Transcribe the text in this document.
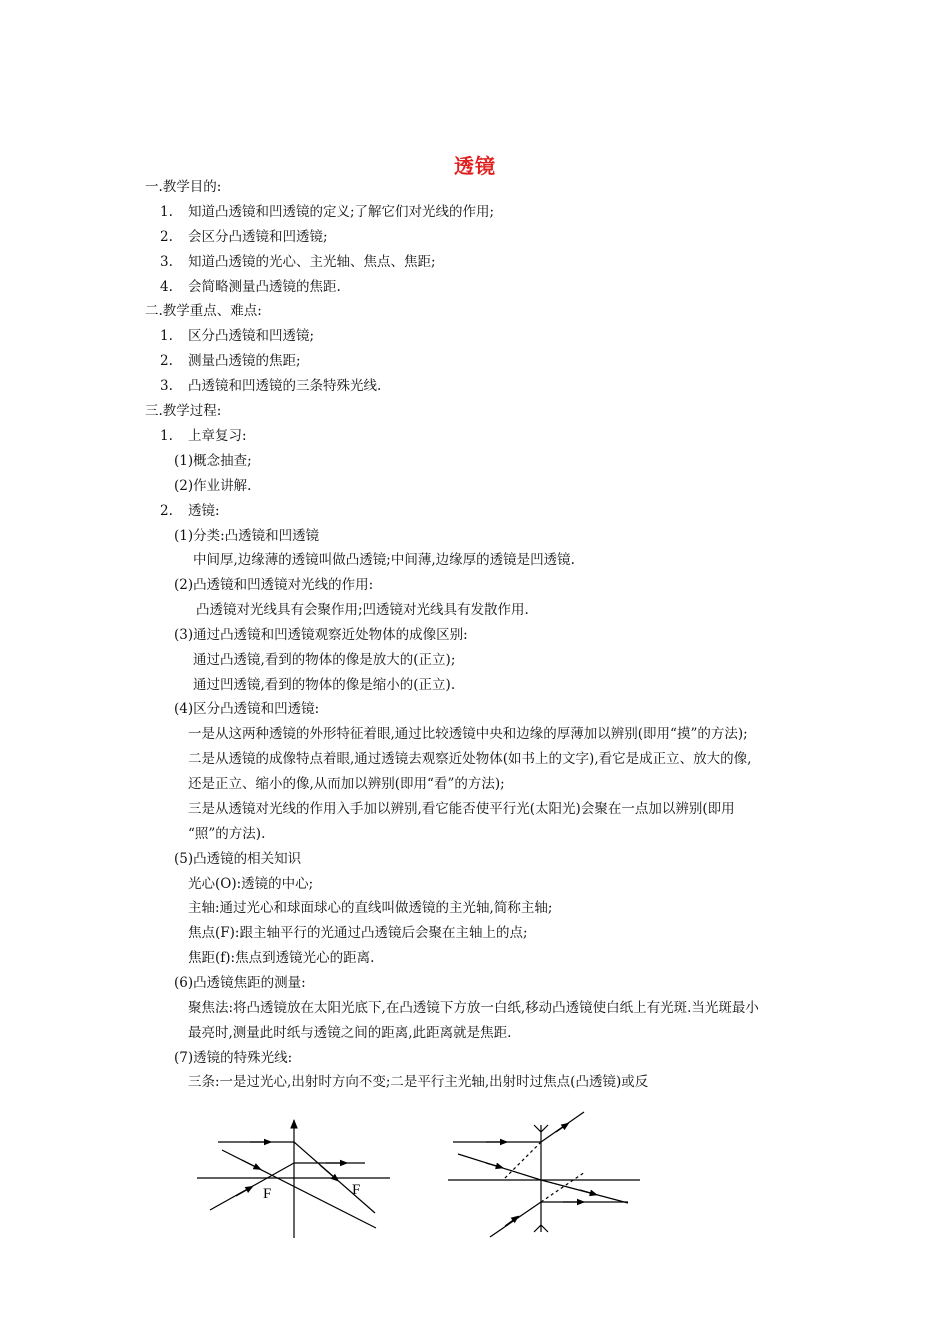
透镜
一.教学目的:
1. 知道凸透镜和凹透镜的定义;了解它们对光线的作用;
2. 会区分凸透镜和凹透镜;
3. 知道凸透镜的光心、主光轴、焦点、焦距;
4. 会简略测量凸透镜的焦距.
二.教学重点、难点:
1. 区分凸透镜和凹透镜;
2. 测量凸透镜的焦距;
3. 凸透镜和凹透镜的三条特殊光线.
三.教学过程:
1. 上章复习:
(1)概念抽查;
(2)作业讲解.
2. 透镜:
(1)分类:凸透镜和凹透镜
中间厚,边缘薄的透镜叫做凸透镜;中间薄,边缘厚的透镜是凹透镜.
(2)凸透镜和凹透镜对光线的作用:
凸透镜对光线具有会聚作用;凹透镜对光线具有发散作用.
(3)通过凸透镜和凹透镜观察近处物体的成像区别:
通过凸透镜,看到的物体的像是放大的(正立);
通过凹透镜,看到的物体的像是缩小的(正立).
(4)区分凸透镜和凹透镜:
一是从这两种透镜的外形特征着眼,通过比较透镜中央和边缘的厚薄加以辨别(即用“摸”的方法);
二是从透镜的成像特点着眼,通过透镜去观察近处物体(如书上的文字),看它是成正立、放大的像,
还是正立、缩小的像,从而加以辨别(即用“看”的方法);
三是从透镜对光线的作用入手加以辨别,看它能否使平行光(太阳光)会聚在一点加以辨别(即用
“照”的方法).
(5)凸透镜的相关知识
光心(O):透镜的中心;
主轴:通过光心和球面球心的直线叫做透镜的主光轴,简称主轴;
焦点(F):跟主轴平行的光通过凸透镜后会聚在主轴上的点;
焦距(f):焦点到透镜光心的距离.
(6)凸透镜焦距的测量:
聚焦法:将凸透镜放在太阳光底下,在凸透镜下方放一白纸,移动凸透镜使白纸上有光斑.当光斑最小
最亮时,测量此时纸与透镜之间的距离,此距离就是焦距.
(7)透镜的特殊光线:
三条:一是过光心,出射时方向不变;二是平行主光轴,出射时过焦点(凸透镜)或反
F	F
